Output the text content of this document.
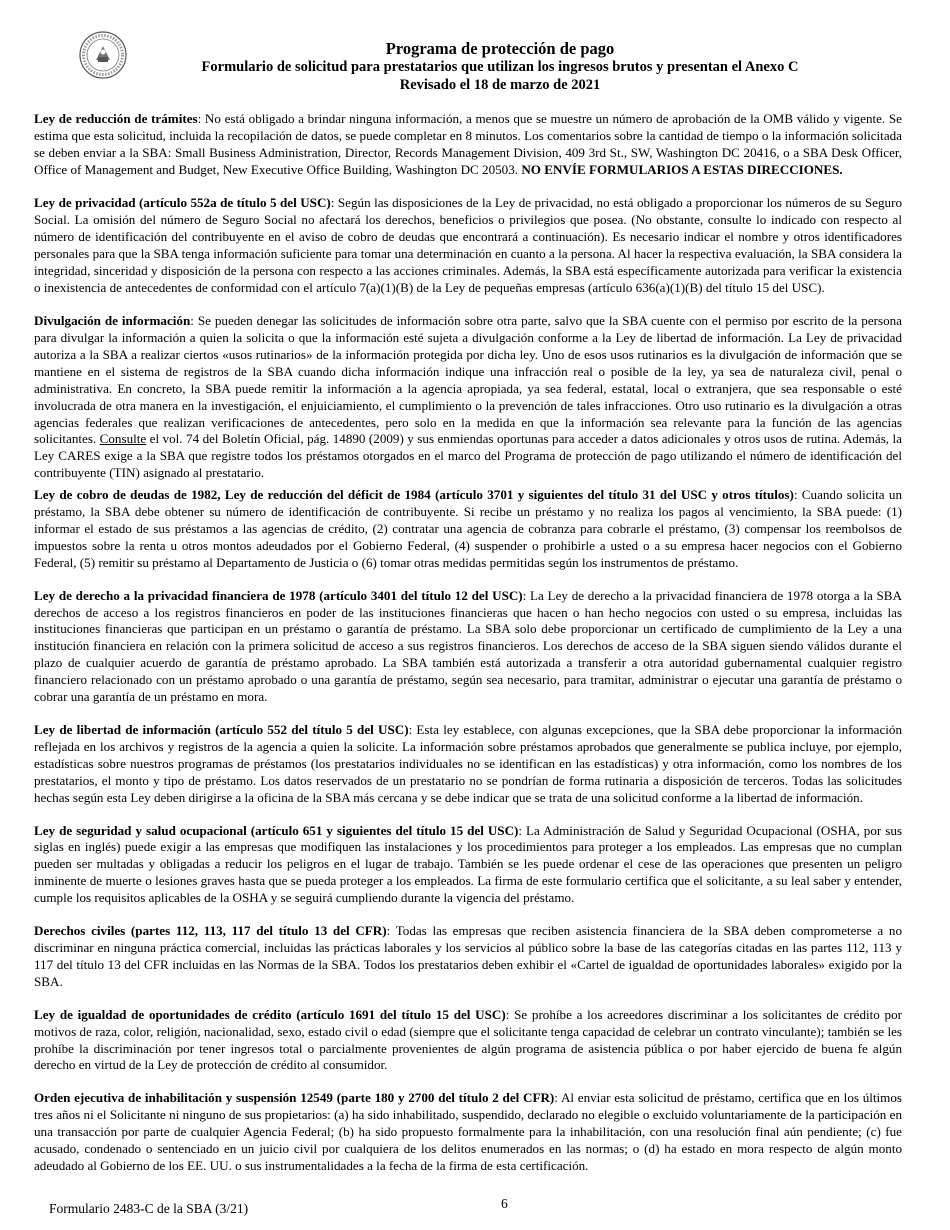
Programa de protección de pago
Formulario de solicitud para prestatarios que utilizan los ingresos brutos y presentan el Anexo C
Revisado el 18 de marzo de 2021

Ley de reducción de trámites: No está obligado a brindar ninguna información, a menos que se muestre un número de aprobación de la OMB válido y vigente. Se estima que esta solicitud, incluida la recopilación de datos, se puede completar en 8 minutos. Los comentarios sobre la cantidad de tiempo o la información solicitada se deben enviar a la SBA: Small Business Administration, Director, Records Management Division, 409 3rd St., SW, Washington DC 20416, o a SBA Desk Officer, Office of Management and Budget, New Executive Office Building, Washington DC 20503. NO ENVÍE FORMULARIOS A ESTAS DIRECCIONES.

Ley de privacidad (artículo 552a de título 5 del USC): Según las disposiciones de la Ley de privacidad, no está obligado a proporcionar los números de su Seguro Social. La omisión del número de Seguro Social no afectará los derechos, beneficios o privilegios que posea. (No obstante, consulte lo indicado con respecto al número de identificación del contribuyente en el aviso de cobro de deudas que encontrará a continuación). Es necesario indicar el nombre y otros identificadores personales para que la SBA tenga información suficiente para tomar una determinación en cuanto a la persona. Al hacer la respectiva evaluación, la SBA considera la integridad, sinceridad y disposición de la persona con respecto a las acciones criminales. Además, la SBA está específicamente autorizada para verificar la existencia o inexistencia de antecedentes de conformidad con el artículo 7(a)(1)(B) de la Ley de pequeñas empresas (artículo 636(a)(1)(B) del título 15 del USC).

Divulgación de información: Se pueden denegar las solicitudes de información sobre otra parte, salvo que la SBA cuente con el permiso por escrito de la persona para divulgar la información a quien la solicita o que la información esté sujeta a divulgación conforme a la Ley de libertad de información. La Ley de privacidad autoriza a la SBA a realizar ciertos «usos rutinarios» de la información protegida por dicha ley. Uno de esos usos rutinarios es la divulgación de información que se mantiene en el sistema de registros de la SBA cuando dicha información indique una infracción real o posible de la ley, ya sea de naturaleza civil, penal o administrativa. En concreto, la SBA puede remitir la información a la agencia apropiada, ya sea federal, estatal, local o extranjera, que sea responsable o esté involucrada de otra manera en la investigación, el enjuiciamiento, el cumplimiento o la prevención de tales infracciones. Otro uso rutinario es la divulgación a otras agencias federales que realizan verificaciones de antecedentes, pero solo en la medida en que la información sea relevante para la función de las agencias solicitantes. Consulte el vol. 74 del Boletín Oficial, pág. 14890 (2009) y sus enmiendas oportunas para acceder a datos adicionales y otros usos de rutina. Además, la Ley CARES exige a la SBA que registre todos los préstamos otorgados en el marco del Programa de protección de pago utilizando el número de identificación del contribuyente (TIN) asignado al prestatario.

Ley de cobro de deudas de 1982, Ley de reducción del déficit de 1984 (artículo 3701 y siguientes del título 31 del USC y otros títulos): Cuando solicita un préstamo, la SBA debe obtener su número de identificación de contribuyente. Si recibe un préstamo y no realiza los pagos al vencimiento, la SBA puede: (1) informar el estado de sus préstamos a las agencias de crédito, (2) contratar una agencia de cobranza para cobrarle el préstamo, (3) compensar los reembolsos de impuestos sobre la renta u otros montos adeudados por el Gobierno Federal, (4) suspender o prohibirle a usted o a su empresa hacer negocios con el Gobierno Federal, (5) remitir su préstamo al Departamento de Justicia o (6) tomar otras medidas permitidas según los instrumentos de préstamo.

Ley de derecho a la privacidad financiera de 1978 (artículo 3401 del título 12 del USC): La Ley de derecho a la privacidad financiera de 1978 otorga a la SBA derechos de acceso a los registros financieros en poder de las instituciones financieras que hacen o han hecho negocios con usted o su empresa, incluidas las instituciones financieras que participan en un préstamo o garantía de préstamo. La SBA solo debe proporcionar un certificado de cumplimiento de la Ley a una institución financiera en relación con la primera solicitud de acceso a sus registros financieros. Los derechos de acceso de la SBA siguen siendo válidos durante el plazo de cualquier acuerdo de garantía de préstamo aprobado. La SBA también está autorizada a transferir a otra autoridad gubernamental cualquier registro financiero relacionado con un préstamo aprobado o una garantía de préstamo, según sea necesario, para tramitar, administrar o ejecutar una garantía de préstamo o cobrar una garantía de un préstamo en mora.

Ley de libertad de información (artículo 552 del título 5 del USC): Esta ley establece, con algunas excepciones, que la SBA debe proporcionar la información reflejada en los archivos y registros de la agencia a quien la solicite. La información sobre préstamos aprobados que generalmente se publica incluye, por ejemplo, estadísticas sobre nuestros programas de préstamos (los prestatarios individuales no se identifican en las estadísticas) y otra información, como los nombres de los prestatarios, el monto y tipo de préstamo. Los datos reservados de un prestatario no se pondrían de forma rutinaria a disposición de terceros. Todas las solicitudes hechas según esta Ley deben dirigirse a la oficina de la SBA más cercana y se debe indicar que se trata de una solicitud conforme a la libertad de información.

Ley de seguridad y salud ocupacional (artículo 651 y siguientes del título 15 del USC): La Administración de Salud y Seguridad Ocupacional (OSHA, por sus siglas en inglés) puede exigir a las empresas que modifiquen las instalaciones y los procedimientos para proteger a los empleados. Las empresas que no cumplan pueden ser multadas y obligadas a reducir los peligros en el lugar de trabajo. También se les puede ordenar el cese de las operaciones que presenten un peligro inminente de muerte o lesiones graves hasta que se pueda proteger a los empleados. La firma de este formulario certifica que el solicitante, a su leal saber y entender, cumple los requisitos aplicables de la OSHA y se seguirá cumpliendo durante la vigencia del préstamo.

Derechos civiles (partes 112, 113, 117 del título 13 del CFR): Todas las empresas que reciben asistencia financiera de la SBA deben comprometerse a no discriminar en ninguna práctica comercial, incluidas las prácticas laborales y los servicios al público sobre la base de las categorías citadas en las partes 112, 113 y 117 del título 13 del CFR incluidas en las Normas de la SBA. Todos los prestatarios deben exhibir el «Cartel de igualdad de oportunidades laborales» exigido por la SBA.

Ley de igualdad de oportunidades de crédito (artículo 1691 del título 15 del USC): Se prohíbe a los acreedores discriminar a los solicitantes de crédito por motivos de raza, color, religión, nacionalidad, sexo, estado civil o edad (siempre que el solicitante tenga capacidad de celebrar un contrato vinculante); también se les prohíbe la discriminación por tener ingresos total o parcialmente provenientes de algún programa de asistencia pública o por haber ejercido de buena fe algún derecho en virtud de la Ley de protección de crédito al consumidor.

Orden ejecutiva de inhabilitación y suspensión 12549 (parte 180 y 2700 del título 2 del CFR): Al enviar esta solicitud de préstamo, certifica que en los últimos tres años ni el Solicitante ni ninguno de sus propietarios: (a) ha sido inhabilitado, suspendido, declarado no elegible o excluido voluntariamente de la participación en una transacción por parte de cualquier Agencia Federal; (b) ha sido propuesto formalmente para la inhabilitación, con una resolución final aún pendiente; (c) fue acusado, condenado o sentenciado en un juicio civil por cualquiera de los delitos enumerados en las normas; o (d) ha estado en mora respecto de algún monto adeudado al Gobierno de los EE. UU. o sus instrumentalidades a la fecha de la firma de esta certificación.

Formulario 2483-C de la SBA (3/21)	6
